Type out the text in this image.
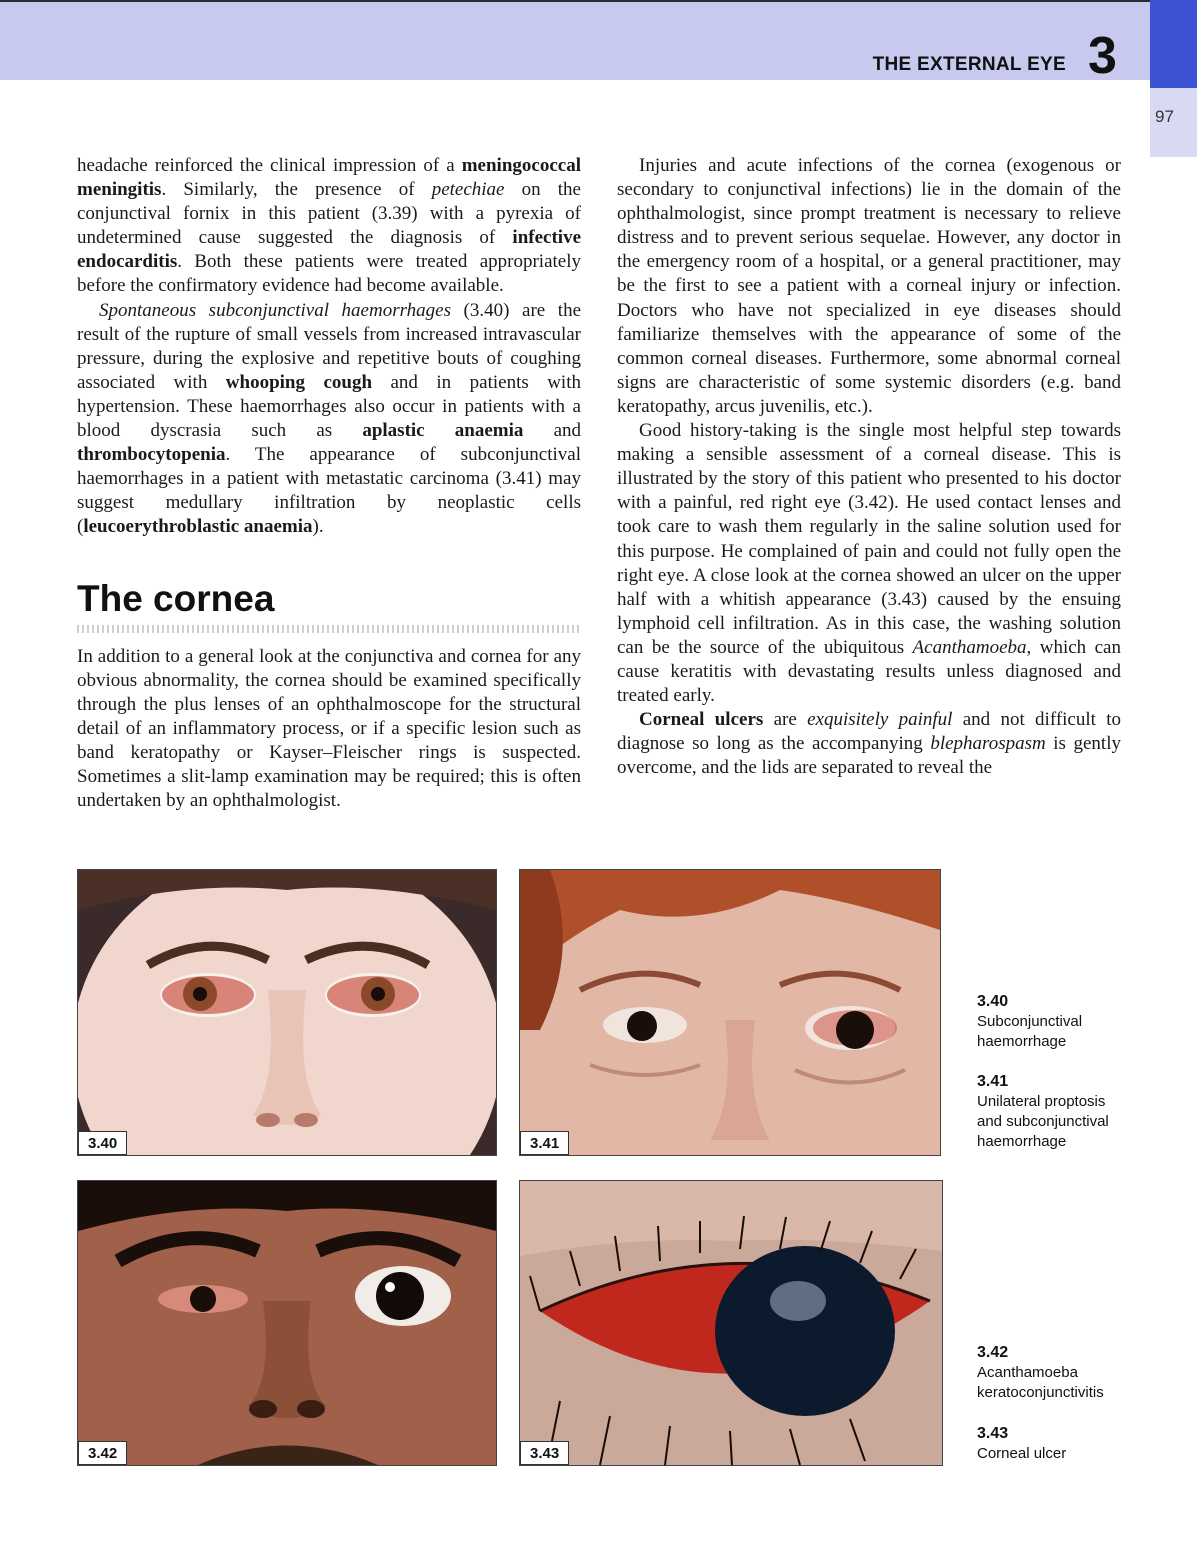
THE EXTERNAL EYE 3
97

headache reinforced the clinical impression of a meningococcal meningitis. Similarly, the presence of petechiae on the conjunctival fornix in this patient (3.39) with a pyrexia of undetermined cause suggested the diagnosis of infective endocarditis. Both these patients were treated appropriately before the confirmatory evidence had become available.

Spontaneous subconjunctival haemorrhages (3.40) are the result of the rupture of small vessels from increased intravascular pressure, during the explosive and repetitive bouts of coughing associated with whooping cough and in patients with hypertension. These haemorrhages also occur in patients with a blood dyscrasia such as aplastic anaemia and thrombocytopenia. The appearance of subconjunctival haemorrhages in a patient with metastatic carcinoma (3.41) may suggest medullary infiltration by neoplastic cells (leucoerythroblastic anaemia).

The cornea

In addition to a general look at the conjunctiva and cornea for any obvious abnormality, the cornea should be examined specifically through the plus lenses of an ophthalmoscope for the structural detail of an inflammatory process, or if a specific lesion such as band keratopathy or Kayser–Fleischer rings is suspected. Sometimes a slit-lamp examination may be required; this is often undertaken by an ophthalmologist.

Injuries and acute infections of the cornea (exogenous or secondary to conjunctival infections) lie in the domain of the ophthalmologist, since prompt treatment is necessary to relieve distress and to prevent serious sequelae. However, any doctor in the emergency room of a hospital, or a general practitioner, may be the first to see a patient with a corneal injury or infection. Doctors who have not specialized in eye diseases should familiarize themselves with the appearance of some of the common corneal diseases. Furthermore, some abnormal corneal signs are characteristic of some systemic disorders (e.g. band keratopathy, arcus juvenilis, etc.).

Good history-taking is the single most helpful step towards making a sensible assessment of a corneal disease. This is illustrated by the story of this patient who presented to his doctor with a painful, red right eye (3.42). He used contact lenses and took care to wash them regularly in the saline solution used for this purpose. He complained of pain and could not fully open the right eye. A close look at the cornea showed an ulcer on the upper half with a whitish appearance (3.43) caused by the ensuing lymphoid cell infiltration. As in this case, the washing solution can be the source of the ubiquitous Acanthamoeba, which can cause keratitis with devastating results unless diagnosed and treated early.

Corneal ulcers are exquisitely painful and not difficult to diagnose so long as the accompanying blepharospasm is gently overcome, and the lids are separated to reveal the

3.40	3.41
3.42	3.43
3.40
Subconjunctival haemorrhage
3.41
Unilateral proptosis and subconjunctival haemorrhage
3.42
Acanthamoeba keratoconjunctivitis
3.43
Corneal ulcer
